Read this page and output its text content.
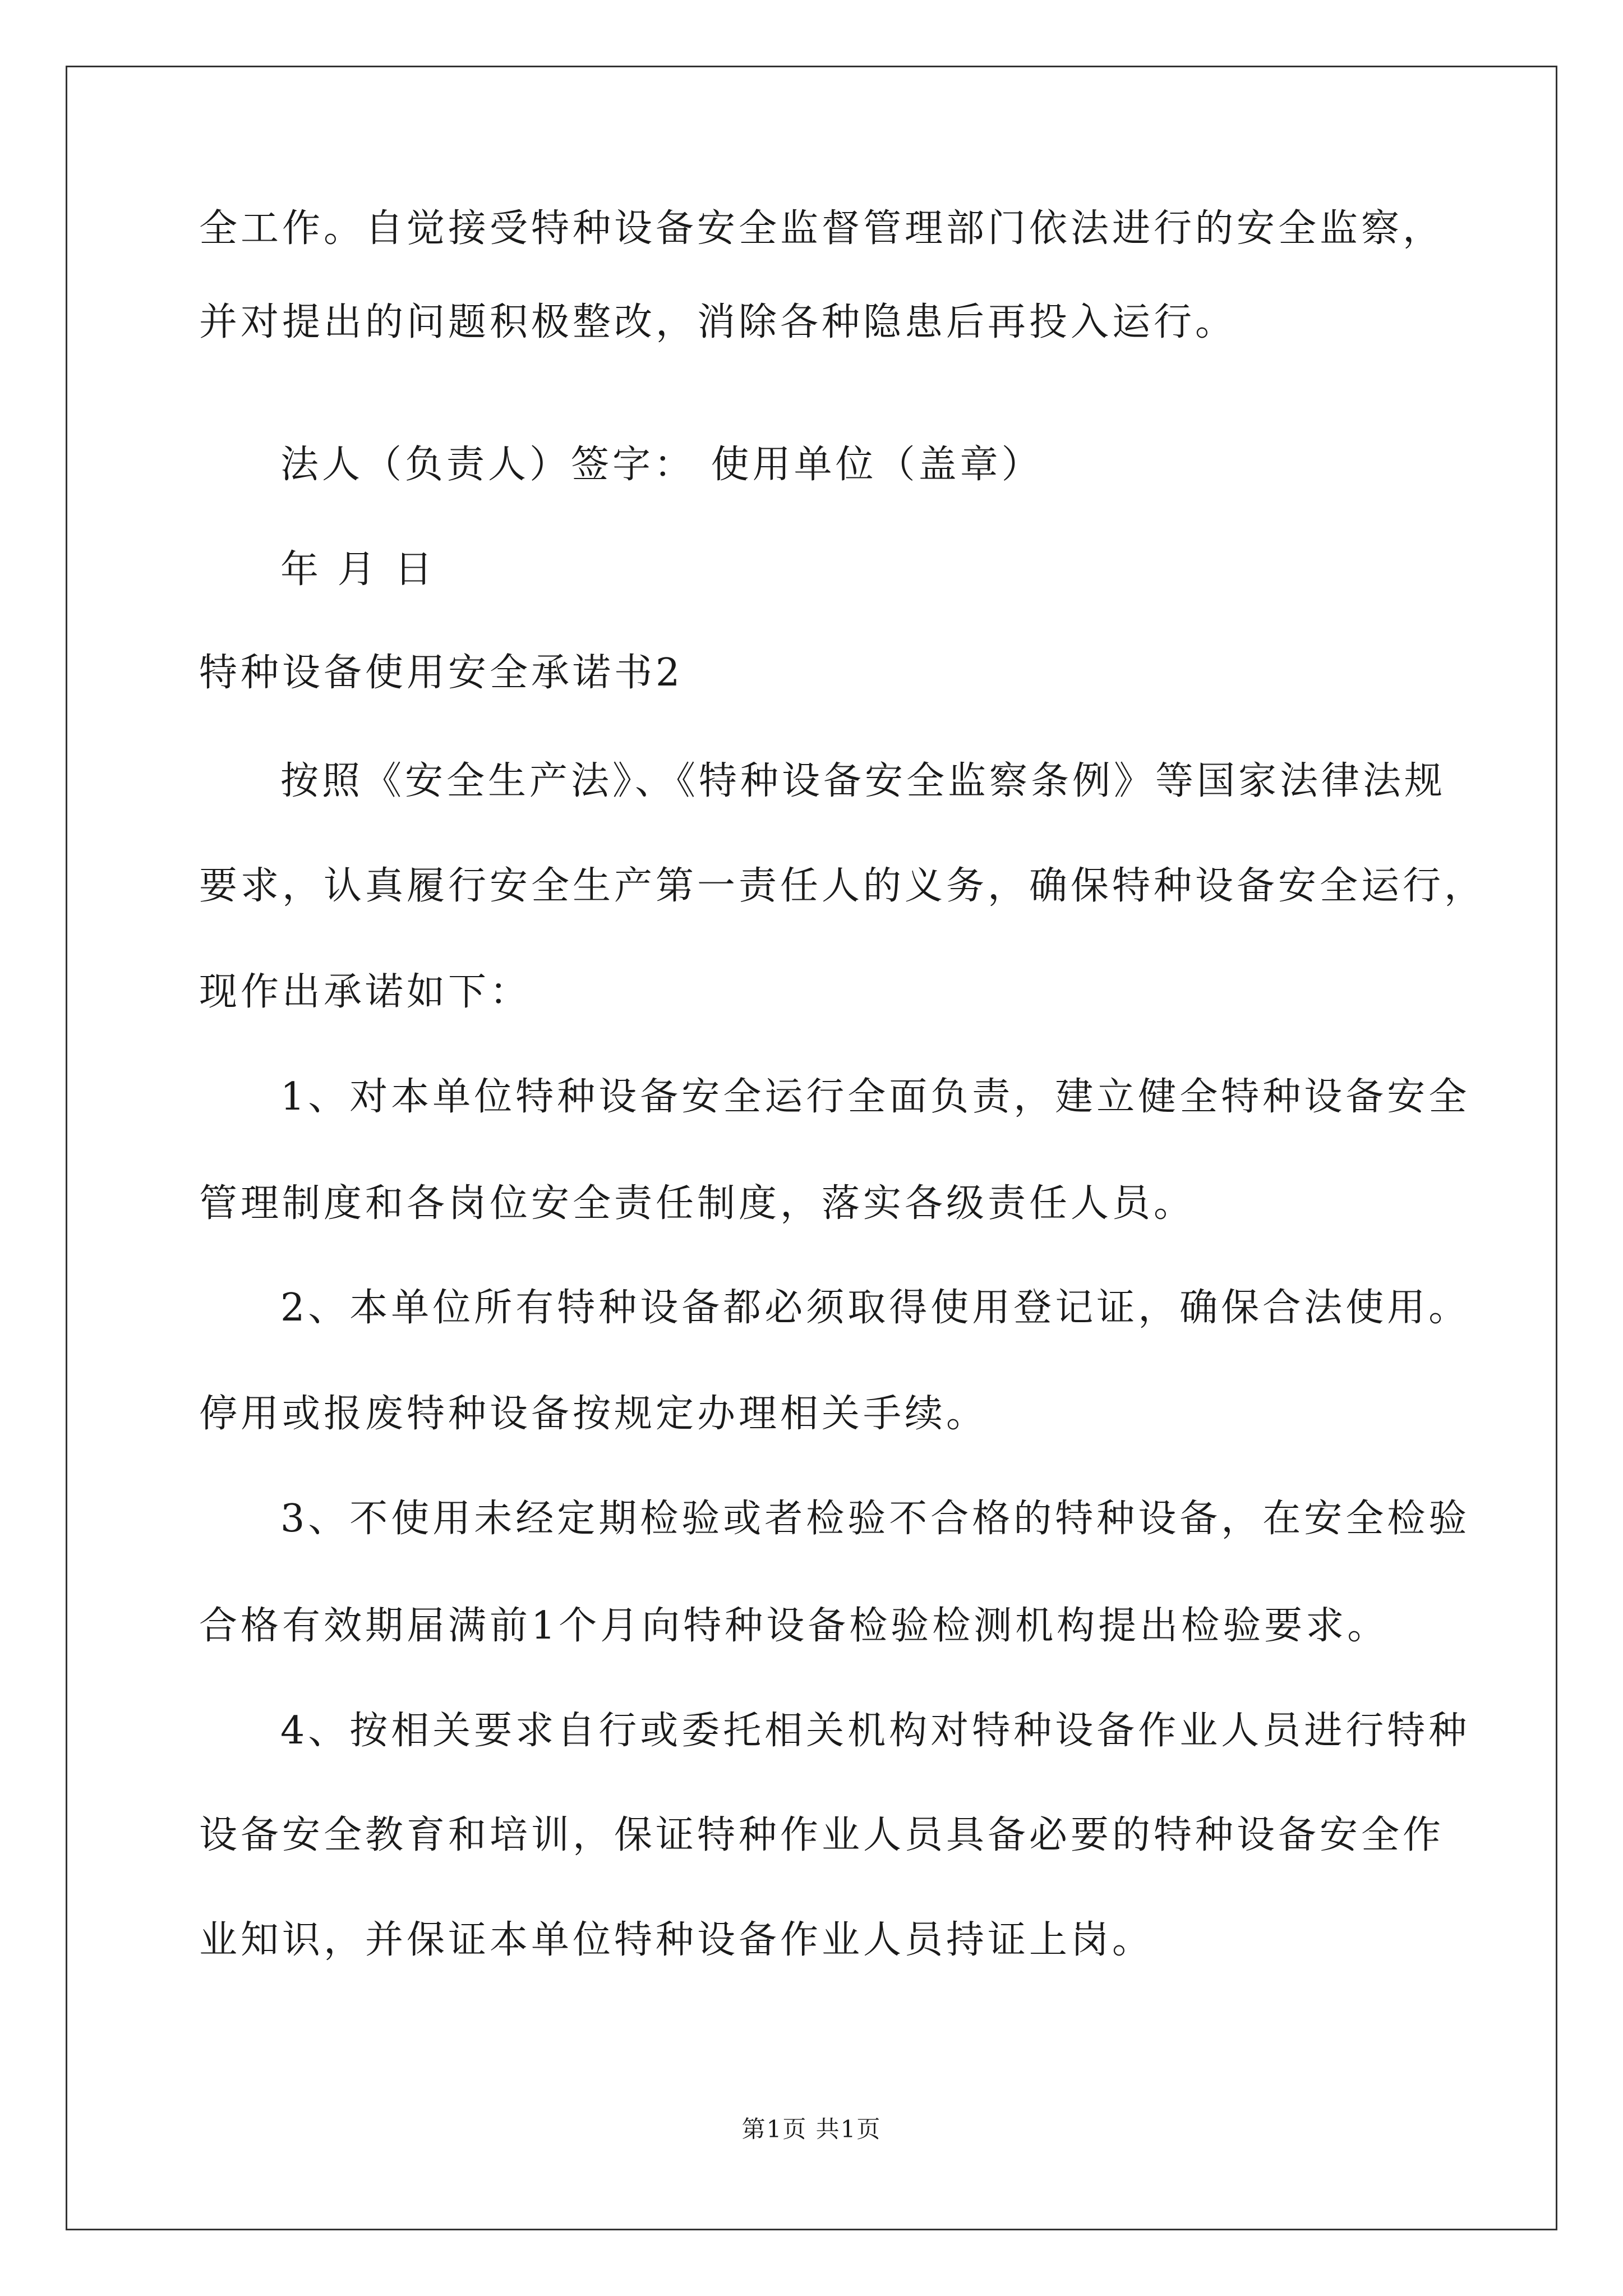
全工作。自觉接受特种设备安全监督管理部门依法进行的安全监察，
并对提出的问题积极整改，消除各种隐患后再投入运行。
法人（负责人）签字： 使用单位（盖章）
年 月 日
特种设备使用安全承诺书2
按照《安全生产法》、《特种设备安全监察条例》等国家法律法规
要求，认真履行安全生产第一责任人的义务，确保特种设备安全运行，
现作出承诺如下：
1、对本单位特种设备安全运行全面负责，建立健全特种设备安全
管理制度和各岗位安全责任制度，落实各级责任人员。
2、本单位所有特种设备都必须取得使用登记证，确保合法使用。
停用或报废特种设备按规定办理相关手续。
3、不使用未经定期检验或者检验不合格的特种设备，在安全检验
合格有效期届满前1个月向特种设备检验检测机构提出检验要求。
4、按相关要求自行或委托相关机构对特种设备作业人员进行特种
设备安全教育和培训，保证特种作业人员具备必要的特种设备安全作
业知识，并保证本单位特种设备作业人员持证上岗。
第1页 共1页
